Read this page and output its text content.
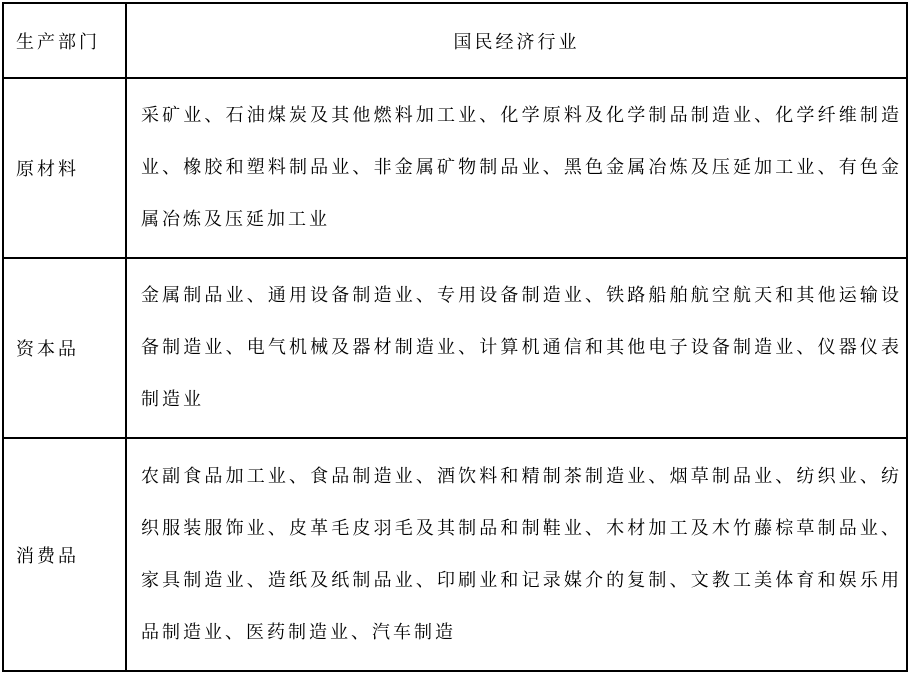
生产部门	国民经济行业
原材料	采矿业、石油煤炭及其他燃料加工业、化学原料及化学制品制造业、化学纤维制造业、橡胶和塑料制品业、非金属矿物制品业、黑色金属冶炼及压延加工业、有色金属冶炼及压延加工业
资本品	金属制品业、通用设备制造业、专用设备制造业、铁路船舶航空航天和其他运输设备制造业、电气机械及器材制造业、计算机通信和其他电子设备制造业、仪器仪表制造业
消费品	农副食品加工业、食品制造业、酒饮料和精制茶制造业、烟草制品业、纺织业、纺织服装服饰业、皮革毛皮羽毛及其制品和制鞋业、木材加工及木竹藤棕草制品业、家具制造业、造纸及纸制品业、印刷业和记录媒介的复制、文教工美体育和娱乐用品制造业、医药制造业、汽车制造
